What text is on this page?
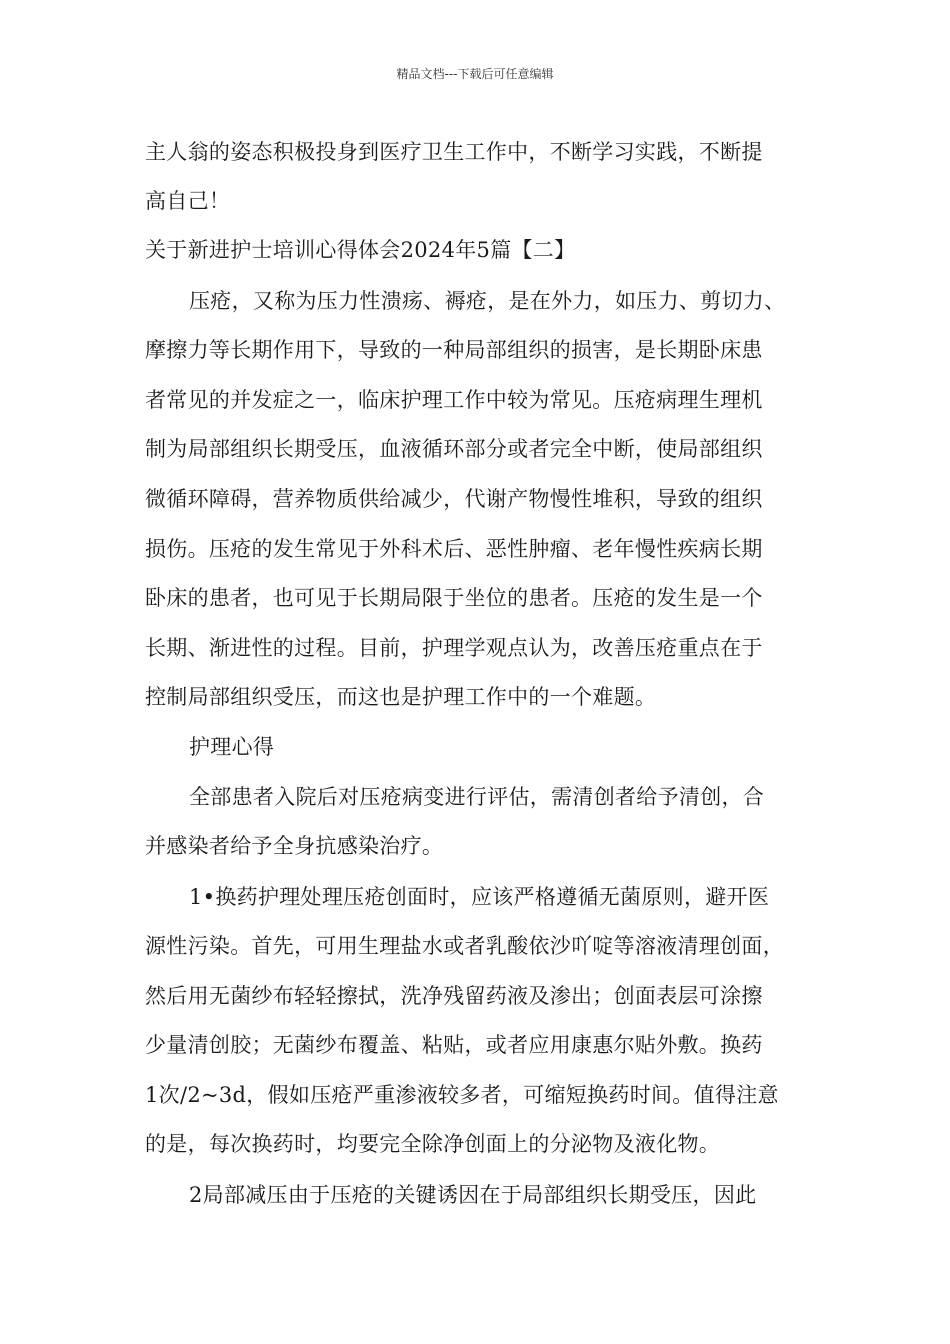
精品文档---下载后可任意编辑
主人翁的姿态积极投身到医疗卫生工作中，不断学习实践，不断提
高自己！
关于新进护士培训心得体会2024年5篇【二】
压疮，又称为压力性溃疡、褥疮，是在外力，如压力、剪切力、
摩擦力等长期作用下，导致的一种局部组织的损害，是长期卧床患
者常见的并发症之一，临床护理工作中较为常见。压疮病理生理机
制为局部组织长期受压，血液循环部分或者完全中断，使局部组织
微循环障碍，营养物质供给减少，代谢产物慢性堆积，导致的组织
损伤。压疮的发生常见于外科术后、恶性肿瘤、老年慢性疾病长期
卧床的患者，也可见于长期局限于坐位的患者。压疮的发生是一个
长期、渐进性的过程。目前，护理学观点认为，改善压疮重点在于
控制局部组织受压，而这也是护理工作中的一个难题。
护理心得
全部患者入院后对压疮病变进行评估，需清创者给予清创，合
并感染者给予全身抗感染治疗。
1•换药护理处理压疮创面时，应该严格遵循无菌原则，避开医
源性污染。首先，可用生理盐水或者乳酸依沙吖啶等溶液清理创面，
然后用无菌纱布轻轻擦拭，洗净残留药液及渗出；创面表层可涂擦
少量清创胶；无菌纱布覆盖、粘贴，或者应用康惠尔贴外敷。换药
1次/2~3d，假如压疮严重渗液较多者，可缩短换药时间。值得注意
的是，每次换药时，均要完全除净创面上的分泌物及液化物。
2局部减压由于压疮的关键诱因在于局部组织长期受压，因此
